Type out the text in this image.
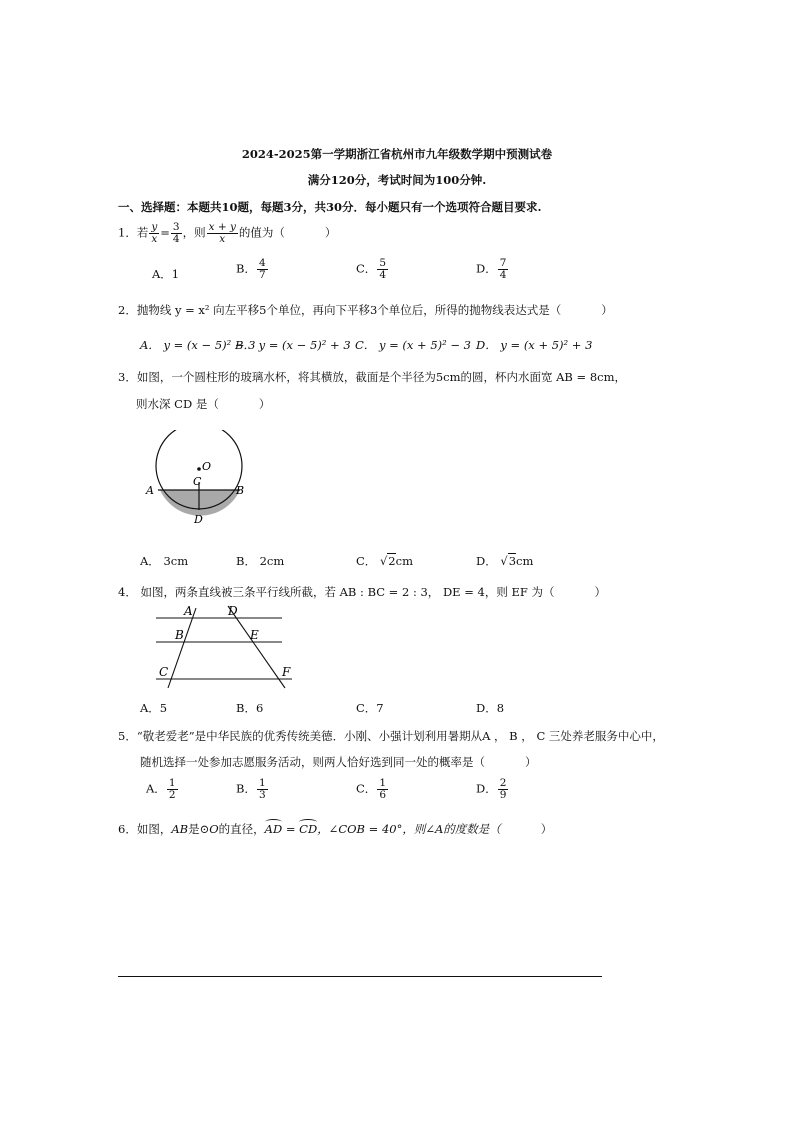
2024-2025第一学期浙江省杭州市九年级数学期中预测试卷
满分120分，考试时间为100分钟.
一、选择题：本题共10题，每题3分，共30分．每小题只有一个选项符合题目要求.
1．若 $\frac{y}{x} = \frac{3}{4}$ ，则 $\frac{x + y}{x}$ 的值为（	）
A．1	B． $\frac{4}{7}$	C． $\frac{5}{4}$	D． $\frac{7}{4}$
2．抛物线 y = x² 向左平移5个单位，再向下平移3个单位后，所得的抛物线表达式是（	）
A． y = (x − 5)² − 3
B． y = (x − 5)² + 3 C． y = (x + 5)² − 3 D． y = (x + 5)² + 3
3．如图，一个圆柱形的玻璃水杯，将其横放，截面是个半径为5cm的圆，杯内水面宽 AB = 8cm，
则水深 CD 是（	）
O
C
A	B
D
A． 3cm	B． 2cm	C． √2cm	D． √3cm
4． 如图，两条直线被三条平行线所截，若 AB : BC = 2 : 3， DE = 4，则 EF 为（	）
A	D
B	E
C	F
A．5	B．6	C．7	D．8
5．“敬老爱老”是中华民族的优秀传统美德．小刚、小强计划利用暑期从A ， B ， C 三处养老服务中心中，
随机选择一处参加志愿服务活动，则两人恰好选到同一处的概率是（	）
A． $\frac{1}{2}$	B． $\frac{1}{3}$	C． $\frac{1}{6}$	D． $\frac{2}{9}$
6．如图，AB是⊙O的直径，AD = CD，∠COB = 40°，则∠A的度数是（	）
